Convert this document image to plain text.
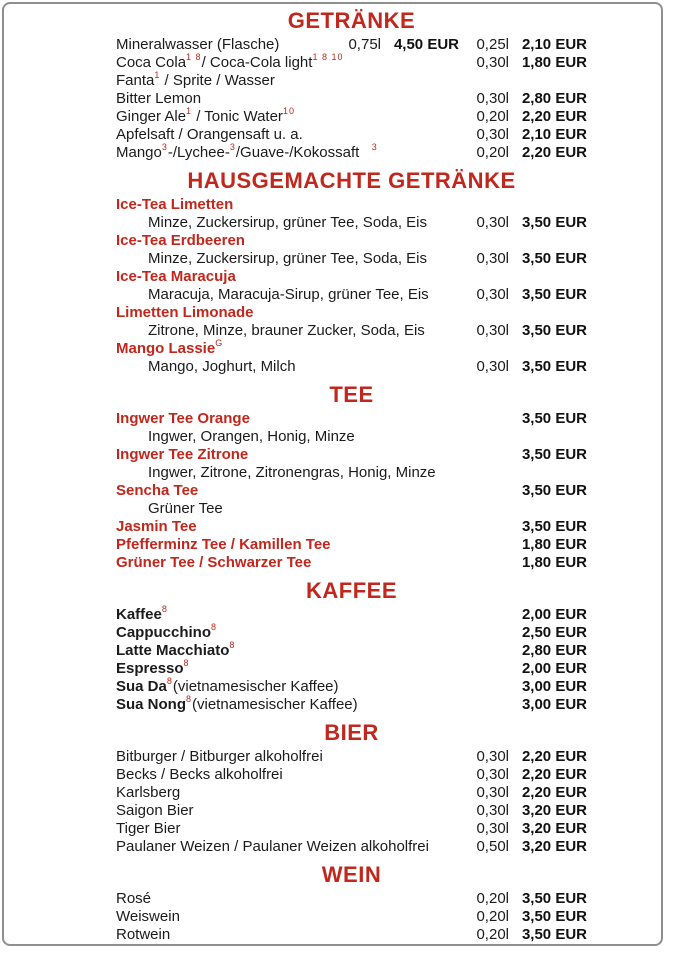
GETRÄNKE
Mineralwasser (Flasche)	0,75l 4,50 EUR	0,25l 2,10 EUR
Coca Cola$^{1 8}$/ Coca-Cola light$^{1 8 10}$	0,30l 1,80 EUR
Fanta$^1$ / Sprite / Wasser
Bitter Lemon	0,30l 2,80 EUR
Ginger Ale$^1$ / Tonic Water$^{10}$	0,20l 2,20 EUR
Apfelsaft / Orangensaft u. a.	0,30l 2,10 EUR
Mango$^3$-/Lychee-$^3$/Guave-/Kokossaft   $^3$	0,20l 2,20 EUR
HAUSGEMACHTE GETRÄNKE
Ice-Tea Limetten
Minze, Zuckersirup, grüner Tee, Soda, Eis	0,30l 3,50 EUR
Ice-Tea Erdbeeren
Minze, Zuckersirup, grüner Tee, Soda, Eis	0,30l 3,50 EUR
Ice-Tea Maracuja
Maracuja, Maracuja-Sirup, grüner Tee, Eis	0,30l 3,50 EUR
Limetten Limonade
Zitrone, Minze, brauner Zucker, Soda, Eis	0,30l 3,50 EUR
Mango Lassie$^G$
Mango, Joghurt, Milch	0,30l 3,50 EUR
TEE
Ingwer Tee Orange	3,50 EUR
Ingwer, Orangen, Honig, Minze
Ingwer Tee Zitrone	3,50 EUR
Ingwer, Zitrone, Zitronengras, Honig, Minze
Sencha Tee	3,50 EUR
Grüner Tee
Jasmin Tee	3,50 EUR
Pfefferminz Tee / Kamillen Tee	1,80 EUR
Grüner Tee / Schwarzer Tee	1,80 EUR
KAFFEE
Kaffee$^8$	2,00 EUR
Cappucchino$^8$	2,50 EUR
Latte Macchiato$^8$	2,80 EUR
Espresso$^8$	2,00 EUR
Sua Da$^8$(vietnamesischer Kaffee)	3,00 EUR
Sua Nong$^8$(vietnamesischer Kaffee)	3,00 EUR
BIER
Bitburger / Bitburger alkoholfrei	0,30l 2,20 EUR
Becks / Becks alkoholfrei	0,30l 2,20 EUR
Karlsberg	0,30l 2,20 EUR
Saigon Bier	0,30l 3,20 EUR
Tiger Bier	0,30l 3,20 EUR
Paulaner Weizen / Paulaner Weizen alkoholfrei	0,50l 3,20 EUR
WEIN
Rosé	0,20l 3,50 EUR
Weiswein	0,20l 3,50 EUR
Rotwein	0,20l 3,50 EUR
